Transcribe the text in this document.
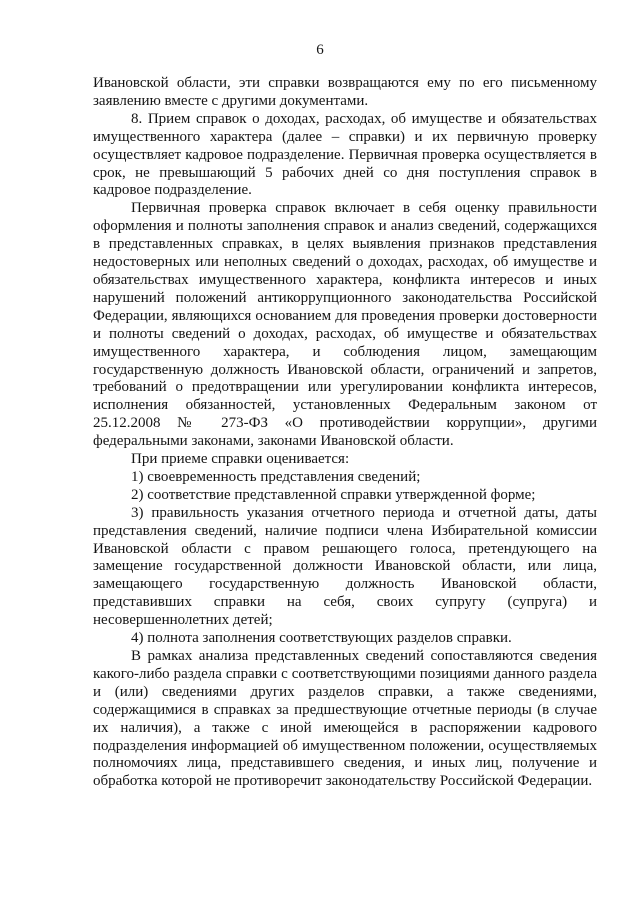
6

Ивановской области, эти справки возвращаются ему по его письменному заявлению вместе с другими документами.

8. Прием справок о доходах, расходах, об имуществе и обязательствах имущественного характера (далее – справки) и их первичную проверку осуществляет кадровое подразделение. Первичная проверка осуществляется в срок, не превышающий 5 рабочих дней со дня поступления справок в кадровое подразделение.

Первичная проверка справок включает в себя оценку правильности оформления и полноты заполнения справок и анализ сведений, содержащихся в представленных справках, в целях выявления признаков представления недостоверных или неполных сведений о доходах, расходах, об имуществе и обязательствах имущественного характера, конфликта интересов и иных нарушений положений антикоррупционного законодательства Российской Федерации, являющихся основанием для проведения проверки достоверности и полноты сведений о доходах, расходах, об имуществе и обязательствах имущественного характера, и соблюдения лицом, замещающим государственную должность Ивановской области, ограничений и запретов, требований о предотвращении или урегулировании конфликта интересов, исполнения обязанностей, установленных Федеральным законом от 25.12.2008 № 273-ФЗ «О противодействии коррупции», другими федеральными законами, законами Ивановской области.

При приеме справки оценивается:

1) своевременность представления сведений;

2) соответствие представленной справки утвержденной форме;

3) правильность указания отчетного периода и отчетной даты, даты представления сведений, наличие подписи члена Избирательной комиссии Ивановской области с правом решающего голоса, претендующего на замещение государственной должности Ивановской области, или лица, замещающего государственную должность Ивановской области, представивших справки на себя, своих супругу (супруга) и несовершеннолетних детей;

4) полнота заполнения соответствующих разделов справки.

В рамках анализа представленных сведений сопоставляются сведения какого-либо раздела справки с соответствующими позициями данного раздела и (или) сведениями других разделов справки, а также сведениями, содержащимися в справках за предшествующие отчетные периоды (в случае их наличия), а также с иной имеющейся в распоряжении кадрового подразделения информацией об имущественном положении, осуществляемых полномочиях лица, представившего сведения, и иных лиц, получение и обработка которой не противоречит законодательству Российской Федерации.
